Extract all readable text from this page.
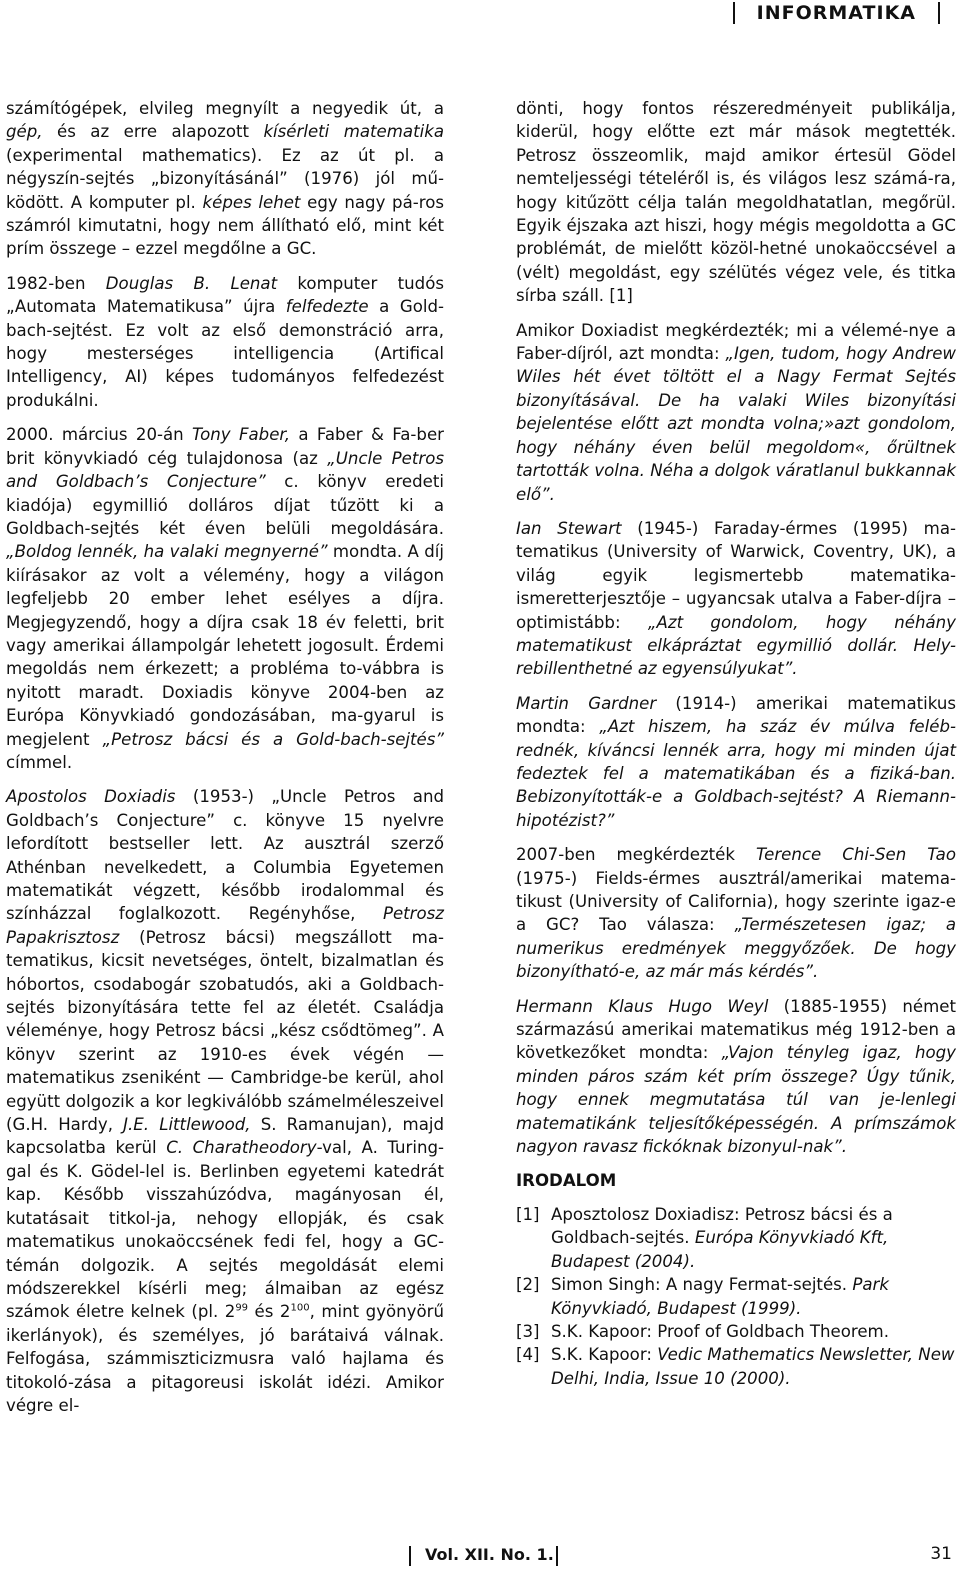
INFORMATIKA

számítógépek, elvileg megnyílt a negyedik út, a gép, és az erre alapozott kísérleti matematika (experimental mathematics). Ez az út pl. a négyszín-sejtés „bizonyításánál” (1976) jól mű-ködött. A komputer pl. képes lehet egy nagy pá-ros számról kimutatni, hogy nem állítható elő, mint két prím összege – ezzel megdőlne a GC.

1982-ben Douglas B. Lenat komputer tudós „Automata Matematikusa” újra felfedezte a Gold-bach-sejtést. Ez volt az első demonstráció arra, hogy mesterséges intelligencia (Artifical Intelligency, AI) képes tudományos felfedezést produkálni.

2000. március 20-án Tony Faber, a Faber & Fa-ber brit könyvkiadó cég tulajdonosa (az „Uncle Petros and Goldbach’s Conjecture” c. könyv eredeti kiadója) egymillió dolláros díjat tűzött ki a Goldbach-sejtés két éven belüli megoldására. „Boldog lennék, ha valaki megnyerné” mondta. A díj kiírásakor az volt a vélemény, hogy a világon legfeljebb 20 ember lehet esélyes a díjra. Megjegyzendő, hogy a díjra csak 18 év feletti, brit vagy amerikai állampolgár lehetett jogosult. Érdemi megoldás nem érkezett; a probléma to-vábbra is nyitott maradt. Doxiadis könyve 2004-ben az Európa Könyvkiadó gondozásában, ma-gyarul is megjelent „Petrosz bácsi és a Gold-bach-sejtés” címmel.

Apostolos Doxiadis (1953-) „Uncle Petros and Goldbach’s Conjecture” c. könyve 15 nyelvre lefordított bestseller lett. Az ausztrál szerző Athénban nevelkedett, a Columbia Egyetemen matematikát végzett, később irodalommal és színházzal foglalkozott. Regényhőse, Petrosz Papakrisztosz (Petrosz bácsi) megszállott ma-tematikus, kicsit nevetséges, öntelt, bizalmatlan és hóbortos, csodabogár szobatudós, aki a Goldbach-sejtés bizonyítására tette fel az életét. Családja véleménye, hogy Petrosz bácsi „kész csődtömeg”. A könyv szerint az 1910-es évek végén — matematikus zseniként — Cambridge-be kerül, ahol együtt dolgozik a kor legkiválóbb számelméleszeivel (G.H. Hardy, J.E. Littlewood, S. Ramanujan), majd kapcsolatba kerül C. Charatheodory-val, A. Turing-gal és K. Gödel-lel is. Berlinben egyetemi katedrát kap. Később visszahúzódva, magányosan él, kutatásait titkol-ja, nehogy ellopják, és csak matematikus unokaöccsének fedi fel, hogy a GC-témán dolgozik. A sejtés megoldását elemi módszerekkel kísérli meg; álmaiban az egész számok életre kelnek (pl. $2^{99}$ és $2^{100}$, mint gyönyörű ikerlányok), és személyes, jó barátaivá válnak. Felfogása, számmiszticizmusra való hajlama és titokoló-zása a pitagoreusi iskolát idézi. Amikor végre el-

dönti, hogy fontos részeredményeit publikálja, kiderül, hogy előtte ezt már mások megtették. Petrosz összeomlik, majd amikor értesül Gödel nemteljességi tételéről is, és világos lesz számá-ra, hogy kitűzött célja talán megoldhatatlan, megőrül. Egyik éjszaka azt hiszi, hogy mégis megoldotta a GC problémát, de mielőtt közöl-hetné unokaöccsével a (vélt) megoldást, egy szélütés végez vele, és titka sírba száll. [1]

Amikor Doxiadist megkérdezték; mi a vélemé-nye a Faber-díjról, azt mondta: „Igen, tudom, hogy Andrew Wiles hét évet töltött el a Nagy Fermat Sejtés bizonyításával. De ha valaki Wiles bizonyítási bejelentése előtt azt mondta volna;»azt gondolom, hogy néhány éven belül megoldom«, őrültnek tartották volna. Néha a dolgok váratlanul bukkannak elő”.

Ian Stewart (1945-) Faraday-érmes (1995) ma-tematikus (University of Warwick, Coventry, UK), a világ egyik legismertebb matematika-ismeretterjesztője – ugyancsak utalva a Faber-díjra – optimistább: „Azt gondolom, hogy néhány matematikust elkápráztat egymillió dollár. Hely-rebillenthetné az egyensúlyukat”.

Martin Gardner (1914-) amerikai matematikus mondta: „Azt hiszem, ha száz év múlva feléb-rednék, kíváncsi lennék arra, hogy mi minden újat fedeztek fel a matematikában és a fiziká-ban. Bebizonyították-e a Goldbach-sejtést? A Riemann-hipotézist?”

2007-ben megkérdezték Terence Chi-Sen Tao (1975-) Fields-érmes ausztrál/amerikai matema-tikust (University of California), hogy szerinte igaz-e a GC? Tao válasza: „Természetesen igaz; a numerikus eredmények meggyőzőek. De hogy bizonyítható-e, az már más kérdés”.

Hermann Klaus Hugo Weyl (1885-1955) német származású amerikai matematikus még 1912-ben a következőket mondta: „Vajon tényleg igaz, hogy minden páros szám két prím összege? Úgy tűnik, hogy ennek megmutatása túl van je-lenlegi matematikánk teljesítőképességén. A prímszámok nagyon ravasz fickóknak bizonyul-nak”.

IRODALOM
[1] Aposztolosz Doxiadisz: Petrosz bácsi és a Goldbach-sejtés. Európa Könyvkiadó Kft, Budapest (2004).
[2] Simon Singh: A nagy Fermat-sejtés. Park Könyvkiadó, Budapest (1999).
[3] S.K. Kapoor: Proof of Goldbach Theorem.
[4] S.K. Kapoor: Vedic Mathematics Newsletter, New Delhi, India, Issue 10 (2000).
Vol. XII. No. 1.	31
